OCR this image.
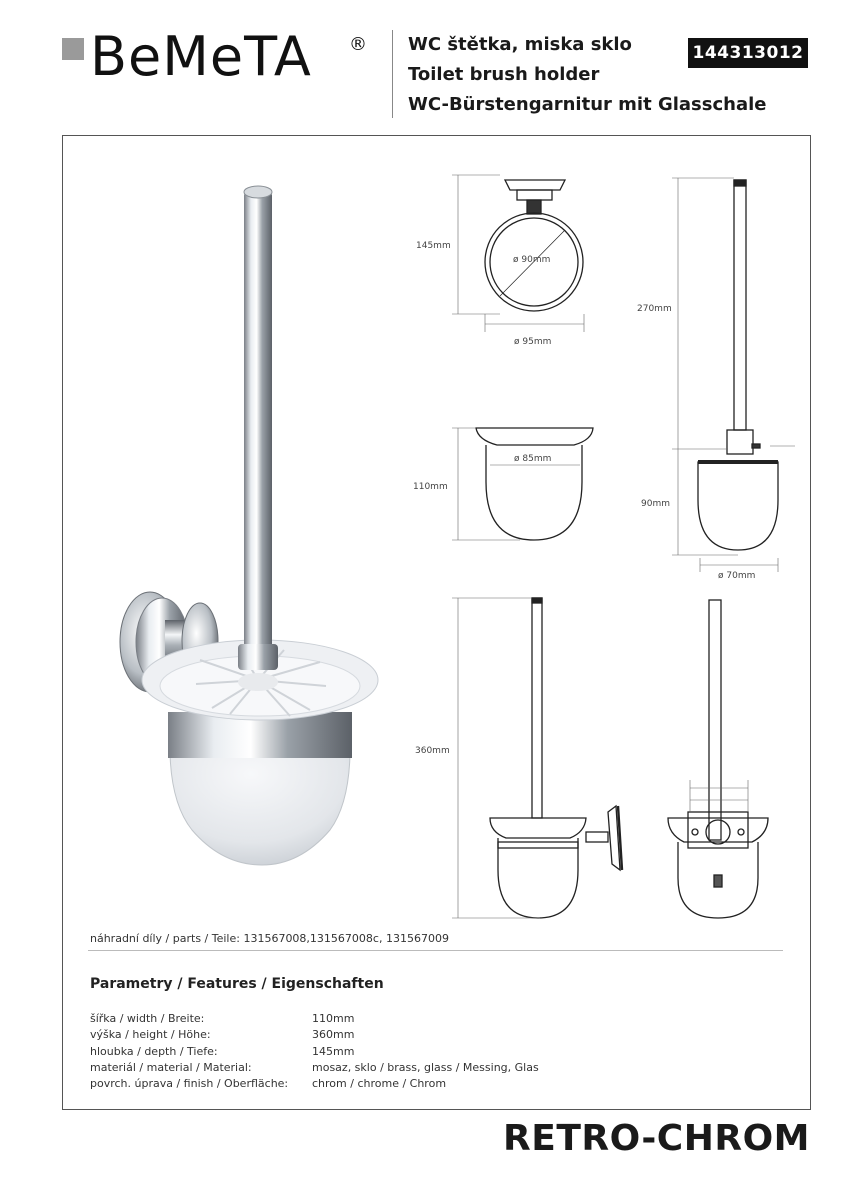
BeMeTA ® WC štětka, miska sklo
Toilet brush holder
WC-Bürstengarnitur mit Glasschale
144313012
145mm
ø 90mm
ø 95mm
270mm
110mm
ø 85mm
90mm
ø 70mm
360mm
náhradní díly / parts / Teile: 131567008,131567008c, 131567009
Parametry / Features / Eigenschaften
šířka / width / Breite:	110mm
výška / height / Höhe:	360mm
hloubka / depth / Tiefe:	145mm
materiál / material / Material:	mosaz, sklo / brass, glass / Messing, Glas
povrch. úprava / finish / Oberfläche:	chrom / chrome / Chrom
RETRO-CHROM
